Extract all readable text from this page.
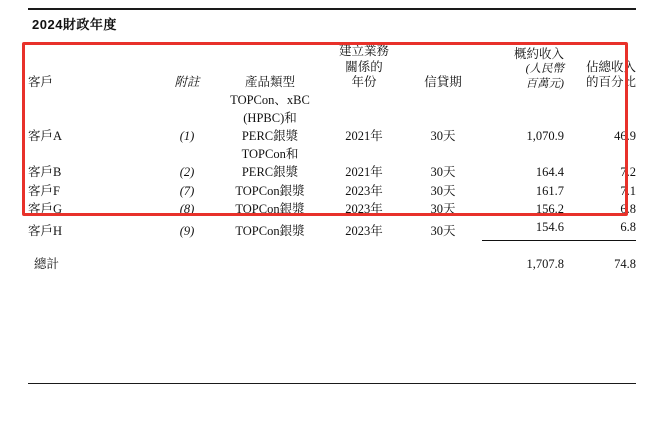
2024財政年度
客戶	附註	產品類型	建立業務
關係的
年份	信貸期	概約收入
(人民幣
百萬元)	佔總收入
的百分比
客戶A	(1)	TOPCon、xBC
(HPBC)和
PERC銀漿	2021年	30天	1,070.9	46.9
客戶B	(2)	TOPCon和
PERC銀漿	2021年	30天	164.4	7.2
客戶F	(7)	TOPCon銀漿	2023年	30天	161.7	7.1
客戶G	(8)	TOPCon銀漿	2023年	30天	156.2	6.8
客戶H	(9)	TOPCon銀漿	2023年	30天	154.6	6.8
總計					1,707.8	74.8
